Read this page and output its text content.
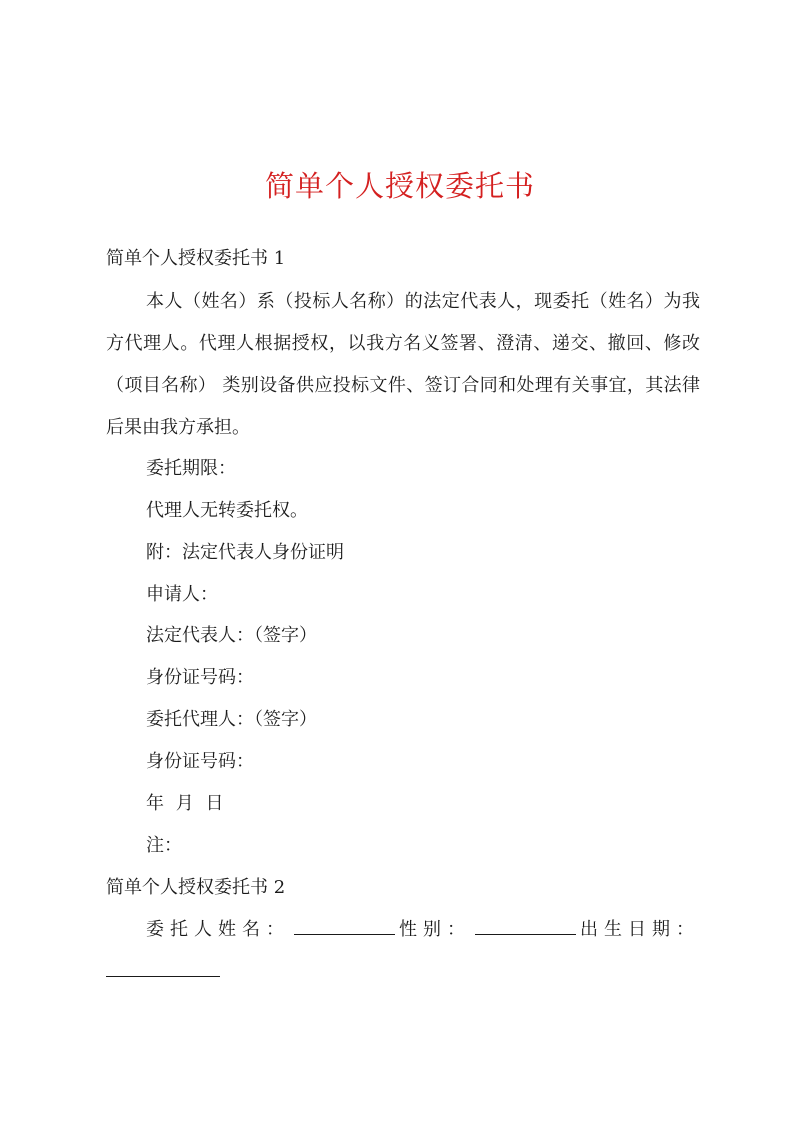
简单个人授权委托书
简单个人授权委托书 1
本人（姓名）系（投标人名称）的法定代表人，现委托（姓名）为我方代理人。代理人根据授权，以我方名义签署、澄清、递交、撤回、修改（项目名称） 类别设备供应投标文件、签订合同和处理有关事宜，其法律后果由我方承担。
委托期限：
代理人无转委托权。
附：法定代表人身份证明
申请人：
法定代表人：（签字）
身份证号码：
委托代理人：（签字）
身份证号码：
年 月 日
注：
简单个人授权委托书 2
委托人姓名：	性别：	出生日期：
